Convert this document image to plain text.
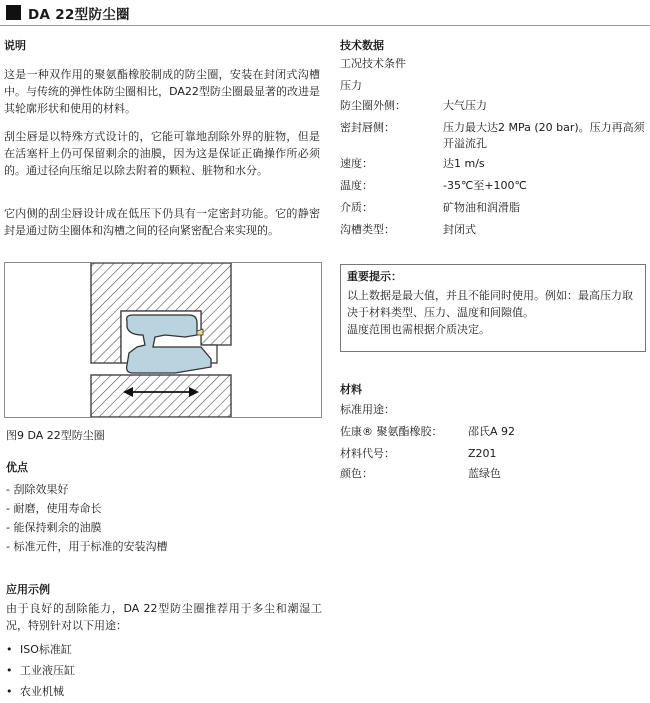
DA 22型防尘圈
说明

这是一种双作用的聚氨酯橡胶制成的防尘圈，安装在封闭式沟槽中。与传统的弹性体防尘圈相比，DA22型防尘圈最显著的改进是其轮廓形状和使用的材料。

刮尘唇是以特殊方式设计的，它能可靠地刮除外界的脏物，但是在活塞杆上仍可保留剩余的油膜，因为这是保证正确操作所必须的。通过径向压缩足以除去附着的颗粒、脏物和水分。

它内侧的刮尘唇设计成在低压下仍具有一定密封功能。它的静密封是通过防尘圈体和沟槽之间的径向紧密配合来实现的。

图9 DA 22型防尘圈
优点
- 刮除效果好
- 耐磨，使用寿命长
- 能保持剩余的油膜
- 标准元件，用于标准的安装沟槽
应用示例

由于良好的刮除能力，DA 22型防尘圈推荐用于多尘和潮湿工况，特别针对以下用途：

• ISO标准缸
• 工业液压缸
• 农业机械
技术数据
工况技术条件
压力
防尘圈外侧：	大气压力
密封唇侧：	压力最大达2 MPa (20 bar)。压力再高须开溢流孔
速度：	达1 m/s
温度：	-35℃至+100℃
介质：	矿物油和润滑脂
沟槽类型：	封闭式
重要提示：

以上数据是最大值，并且不能同时使用。例如：最高压力取决于材料类型、压力、温度和间隙值。

温度范围也需根据介质决定。

材料
标准用途：
佐康® 聚氨酯橡胶： 邵氏A 92
材料代号：	Z201
颜色：	蓝绿色
